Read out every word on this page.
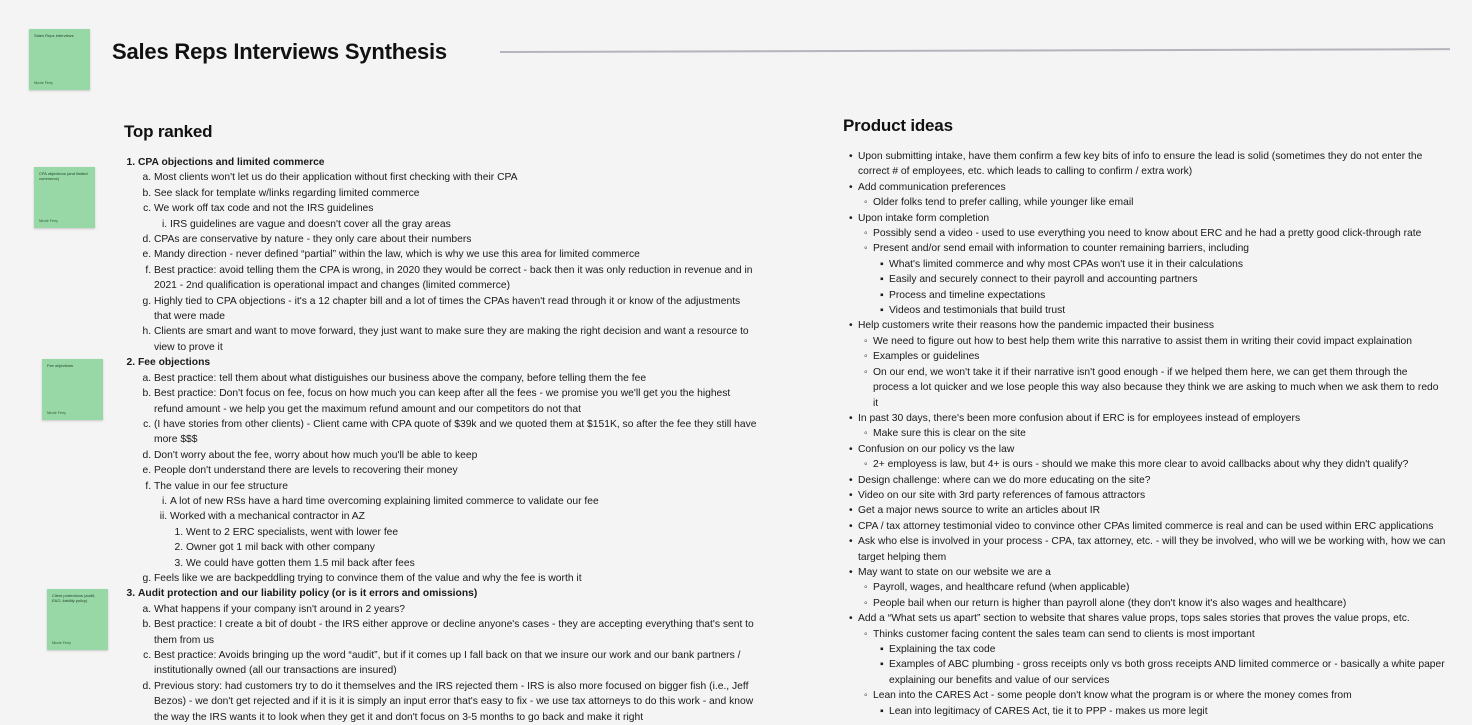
Sales Reps Interviews
Nicole Ferry
Sales Reps Interviews Synthesis
CPA objections (and limited commerce)
Nicole Ferry
Fee objections
Nicole Ferry
Client protections (audit, E&O, liability policy)
Nicole Ferry
Top ranked	Product ideas
1. CPA objections and limited commerce
a. Most clients won't let us do their application without first checking with their CPA
b. See slack for template w/links regarding limited commerce
c. We work off tax code and not the IRS guidelines
i. IRS guidelines are vague and doesn't cover all the gray areas
d. CPAs are conservative by nature - they only care about their numbers
e. Mandy direction - never defined “partial” within the law, which is why we use this area for limited commerce
f. Best practice: avoid telling them the CPA is wrong, in 2020 they would be correct - back then it was only reduction in revenue and in 2021 - 2nd qualification is operational impact and changes (limited commerce)
g. Highly tied to CPA objections - it's a 12 chapter bill and a lot of times the CPAs haven't read through it or know of the adjustments that were made
h. Clients are smart and want to move forward, they just want to make sure they are making the right decision and want a resource to view to prove it
2. Fee objections
a. Best practice: tell them about what distiguishes our business above the company, before telling them the fee
b. Best practice: Don't focus on fee, focus on how much you can keep after all the fees - we promise you we'll get you the highest refund amount - we help you get the maximum refund amount and our competitors do not that
c. (I have stories from other clients) - Client came with CPA quote of $39k and we quoted them at $151K, so after the fee they still have more $$$
d. Don't worry about the fee, worry about how much you'll be able to keep
e. People don't understand there are levels to recovering their money
f. The value in our fee structure
i. A lot of new RSs have a hard time overcoming explaining limited commerce to validate our fee
ii. Worked with a mechanical contractor in AZ
1. Went to 2 ERC specialists, went with lower fee
2. Owner got 1 mil back with other company
3. We could have gotten them 1.5 mil back after fees
g. Feels like we are backpeddling trying to convince them of the value and why the fee is worth it
3. Audit protection and our liability policy (or is it errors and omissions)
a. What happens if your company isn't around in 2 years?
b. Best practice: I create a bit of doubt - the IRS either approve or decline anyone's cases - they are accepting everything that's sent to them from us
c. Best practice: Avoids bringing up the word “audit”, but if it comes up I fall back on that we insure our work and our bank partners / institutionally owned (all our transactions are insured)
d. Previous story: had customers try to do it themselves and the IRS rejected them - IRS is also more focused on bigger fish (i.e., Jeff Bezos) - we don't get rejected and if it is it is simply an input error that's easy to fix - we use tax attorneys to do this work - and know the way the IRS wants it to look when they get it and don't focus on 3-5 months to go back and make it right
•Upon submitting intake, have them confirm a few key bits of info to ensure the lead is solid (sometimes they do not enter the correct # of employees, etc. which leads to calling to confirm / extra work)
•Add communication preferences
◦Older folks tend to prefer calling, while younger like email
•Upon intake form completion
◦Possibly send a video - used to use everything you need to know about ERC and he had a pretty good click-through rate
◦Present and/or send email with information to counter remaining barriers, including
▪What's limited commerce and why most CPAs won't use it in their calculations
▪Easily and securely connect to their payroll and accounting partners
▪Process and timeline expectations
▪Videos and testimonials that build trust
•Help customers write their reasons how the pandemic impacted their business
◦We need to figure out how to best help them write this narrative to assist them in writing their covid impact explaination
◦Examples or guidelines
◦On our end, we won't take it if their narrative isn't good enough - if we helped them here, we can get them through the process a lot quicker and we lose people this way also because they think we are asking to much when we ask them to redo it
•In past 30 days, there's been more confusion about if ERC is for employees instead of employers
◦Make sure this is clear on the site
•Confusion on our policy vs the law
◦2+ employess is law, but 4+ is ours - should we make this more clear to avoid callbacks about why they didn't qualify?
•Design challenge: where can we do more educating on the site?
•Video on our site with 3rd party references of famous attractors
•Get a major news source to write an articles about IR
•CPA / tax attorney testimonial video to convince other CPAs limited commerce is real and can be used within ERC applications
•Ask who else is involved in your process - CPA, tax attorney, etc. - will they be involved, who will we be working with, how we can target helping them
•May want to state on our website we are a
◦Payroll, wages, and healthcare refund (when applicable)
◦People bail when our return is higher than payroll alone (they don't know it's also wages and healthcare)
•Add a “What sets us apart” section to website that shares value props, tops sales stories that proves the value props, etc.
◦Thinks customer facing content the sales team can send to clients is most important
▪Explaining the tax code
▪Examples of ABC plumbing - gross receipts only vs both gross receipts AND limited commerce or - basically a white paper explaining our benefits and value of our services
◦Lean into the CARES Act - some people don't know what the program is or where the money comes from
▪Lean into legitimacy of CARES Act, tie it to PPP - makes us more legit
